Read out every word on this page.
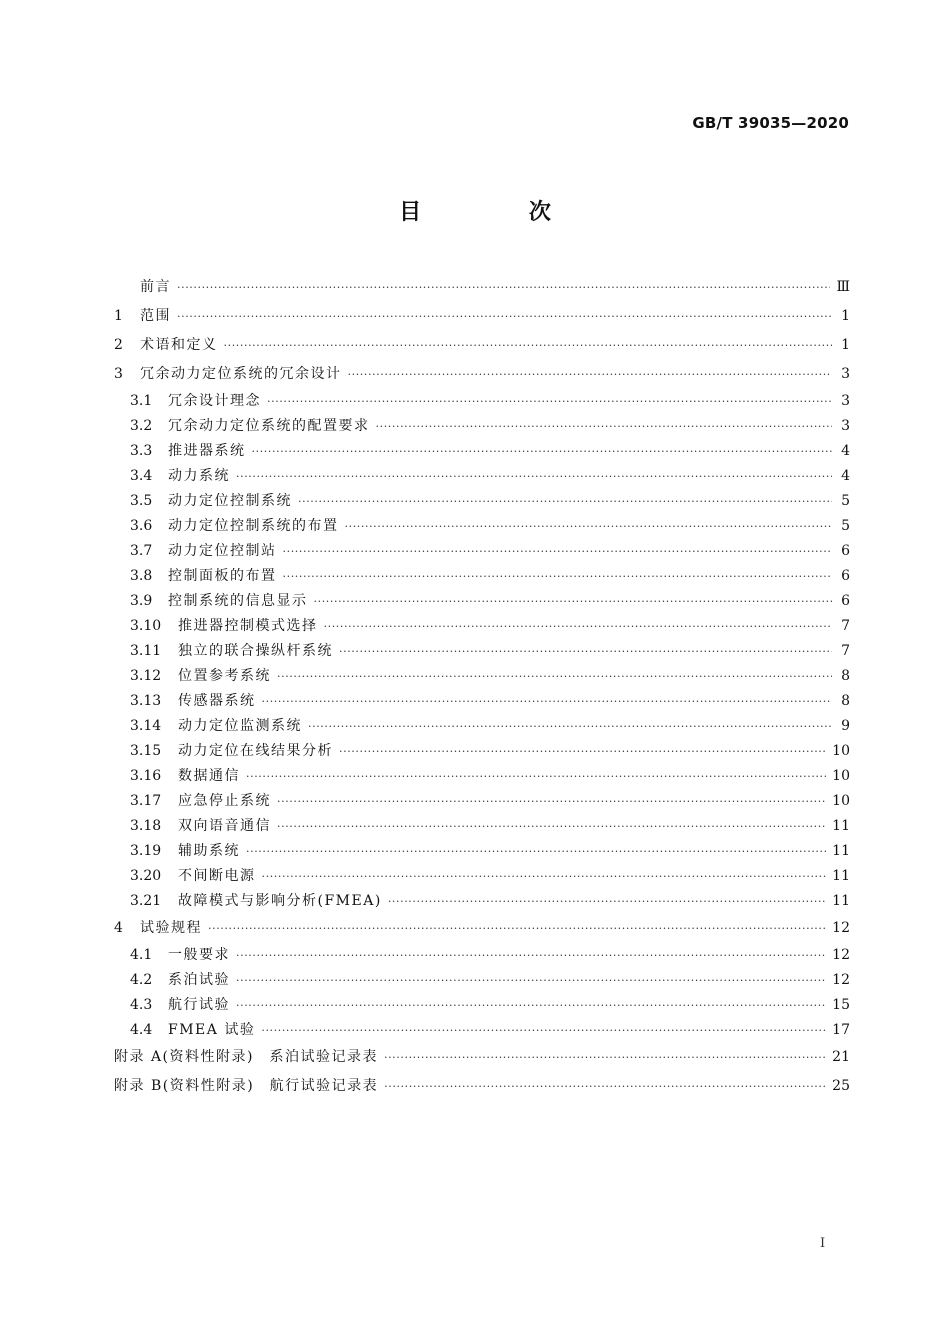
GB/T 39035—2020
目 次
前言 ·····	Ⅲ
1	范围 ·····	1
2	术语和定义 ·····	1
3	冗余动力定位系统的冗余设计 ·····	3
3.1	冗余设计理念 ·····	3
3.2	冗余动力定位系统的配置要求 ·····	3
3.3	推进器系统 ·····	4
3.4	动力系统 ·····	4
3.5	动力定位控制系统 ·····	5
3.6	动力定位控制系统的布置 ·····	5
3.7	动力定位控制站 ·····	6
3.8	控制面板的布置 ·····	6
3.9	控制系统的信息显示 ·····	6
3.10	推进器控制模式选择 ·····	7
3.11	独立的联合操纵杆系统 ·····	7
3.12	位置参考系统 ·····	8
3.13	传感器系统 ·····	8
3.14	动力定位监测系统 ·····	9
3.15	动力定位在线结果分析 ·····	10
3.16	数据通信 ·····	10
3.17	应急停止系统 ·····	10
3.18	双向语音通信 ·····	11
3.19	辅助系统 ·····	11
3.20	不间断电源 ·····	11
3.21	故障模式与影响分析(FMEA) ·····	11
4	试验规程 ·····	12
4.1	一般要求 ·····	12
4.2	系泊试验 ·····	12
4.3	航行试验 ·····	15
4.4	FMEA 试验 ·····	17
附录 A(资料性附录)　系泊试验记录表 ·····	21
附录 B(资料性附录)　航行试验记录表 ·····	25
I
